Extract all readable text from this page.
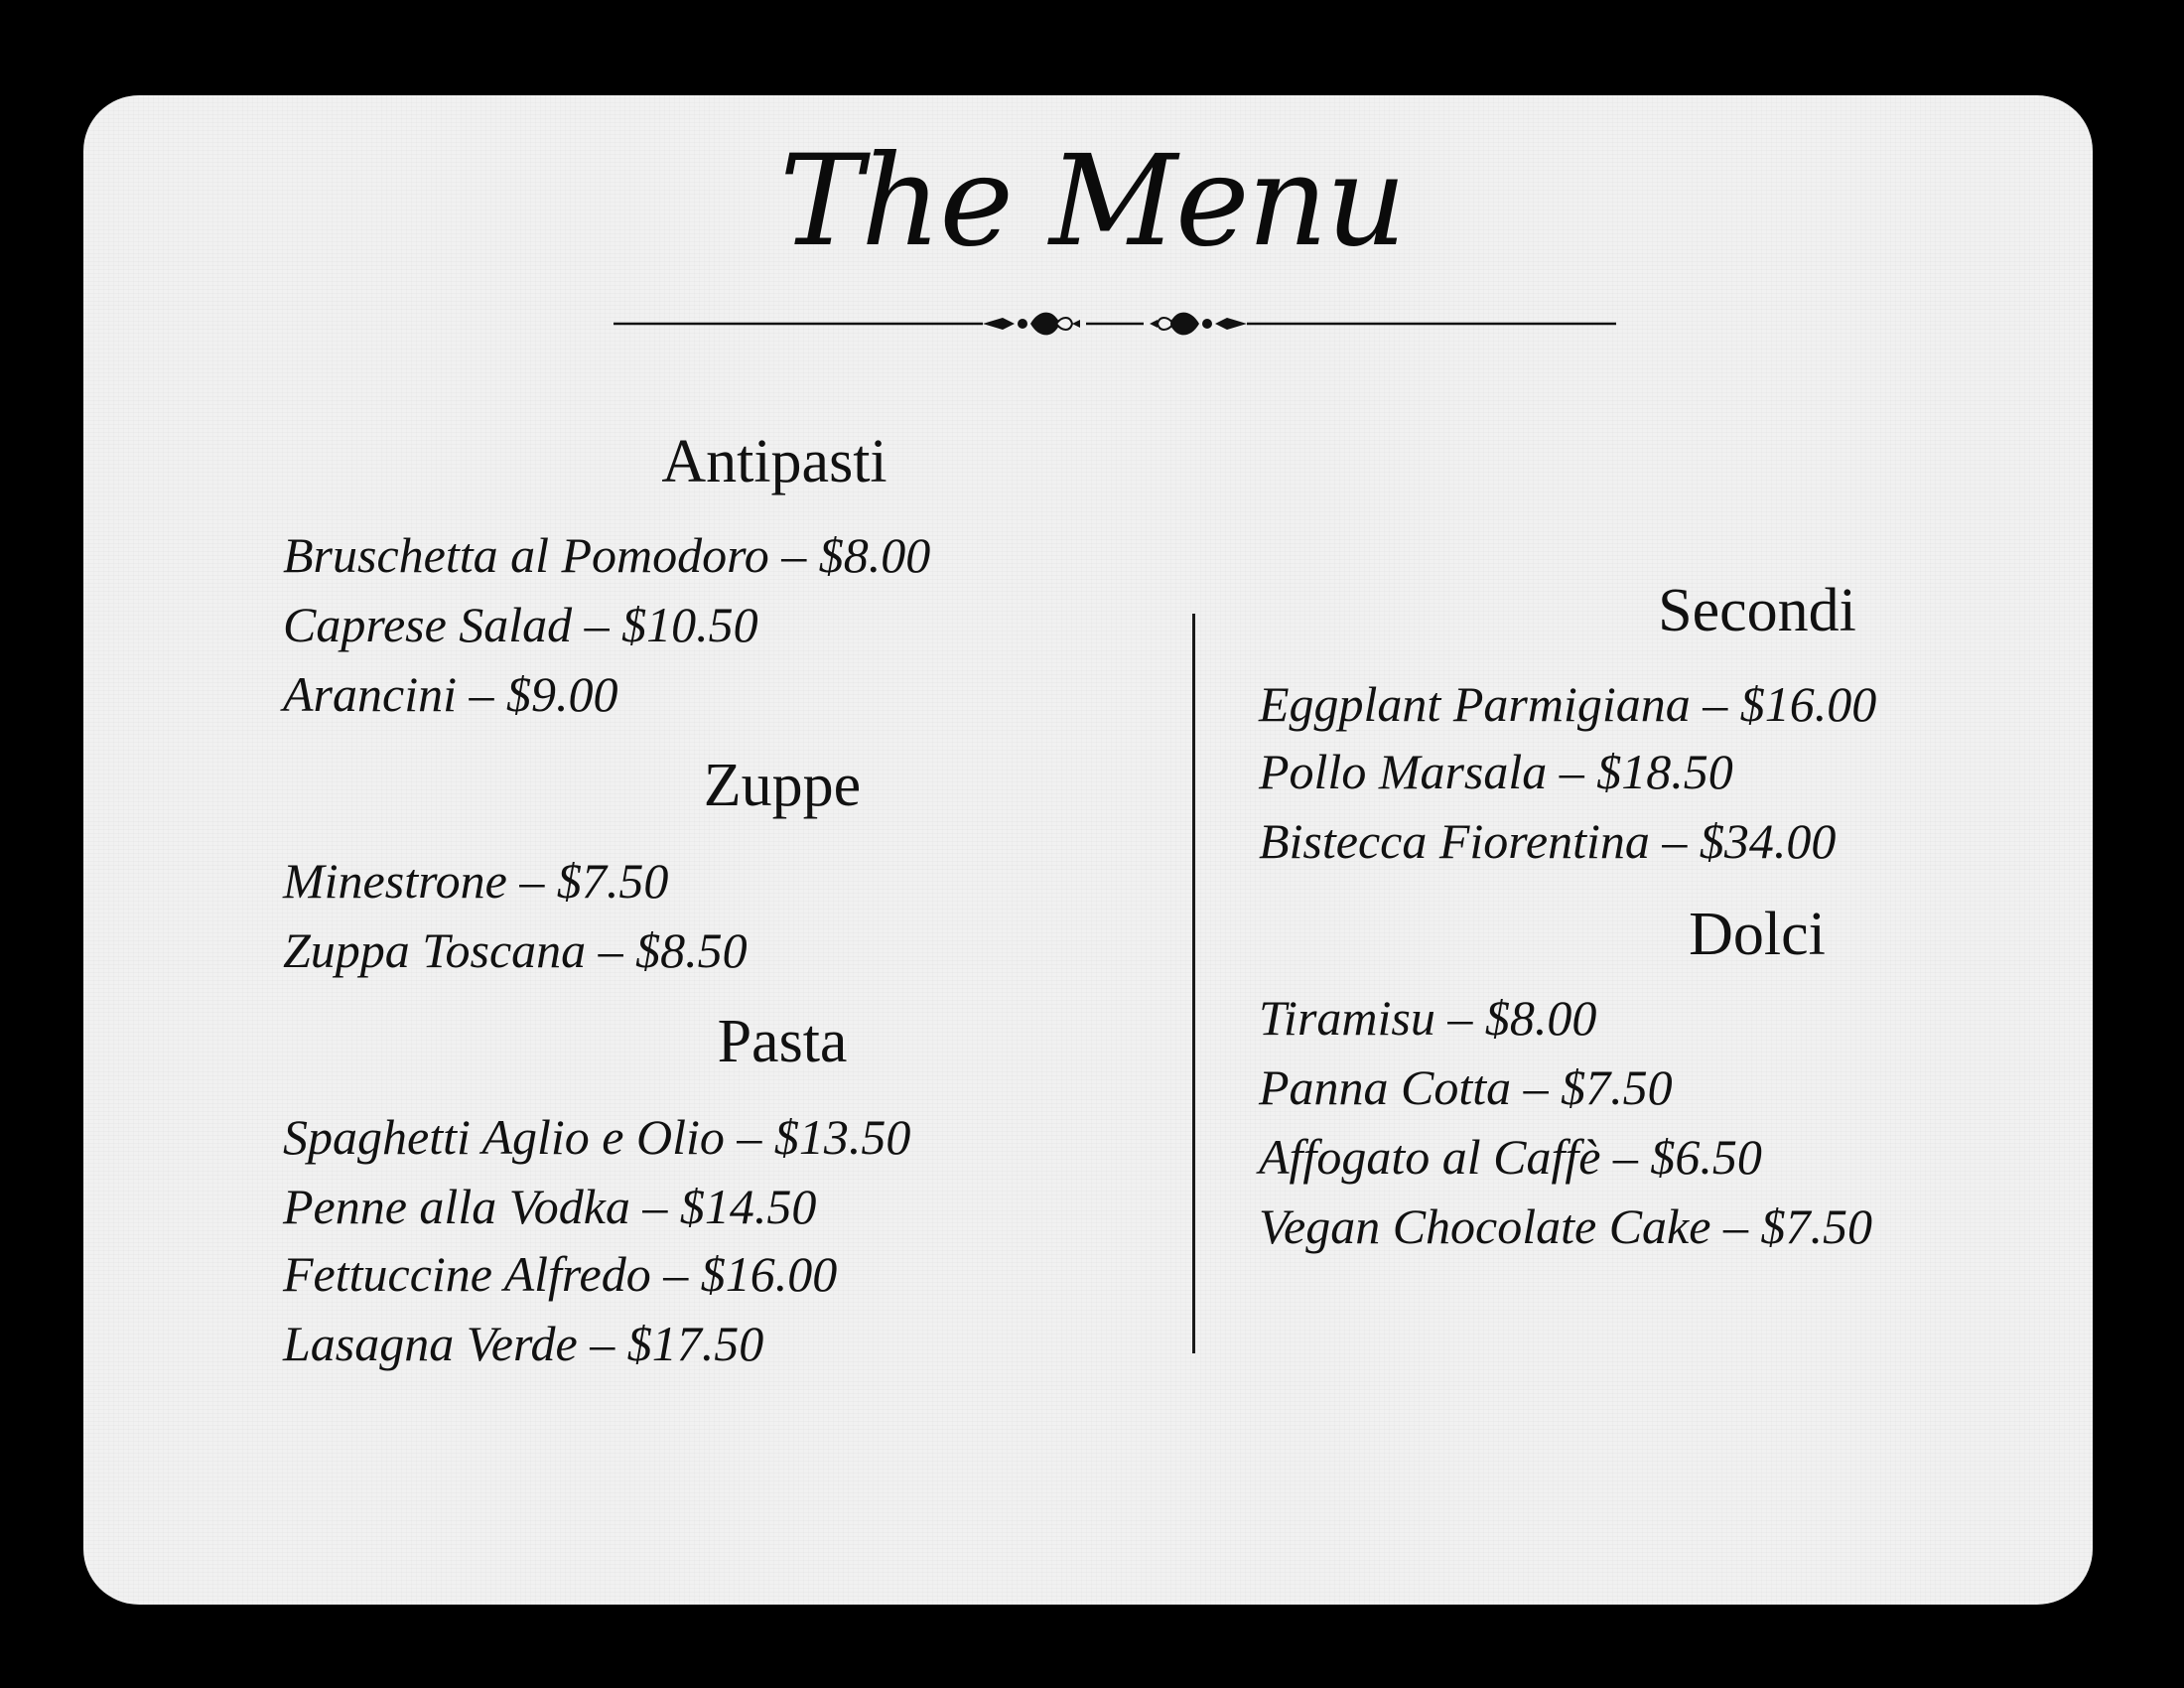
The Menu
Antipasti
Bruschetta al Pomodoro – $8.00
Caprese Salad – $10.50
Arancini – $9.00
Zuppe
Minestrone – $7.50
Zuppa Toscana – $8.50
Pasta
Spaghetti Aglio e Olio – $13.50
Penne alla Vodka – $14.50
Fettuccine Alfredo – $16.00
Lasagna Verde – $17.50
Secondi
Eggplant Parmigiana – $16.00
Pollo Marsala – $18.50
Bistecca Fiorentina – $34.00
Dolci
Tiramisu – $8.00
Panna Cotta – $7.50
Affogato al Caffè – $6.50
Vegan Chocolate Cake – $7.50
